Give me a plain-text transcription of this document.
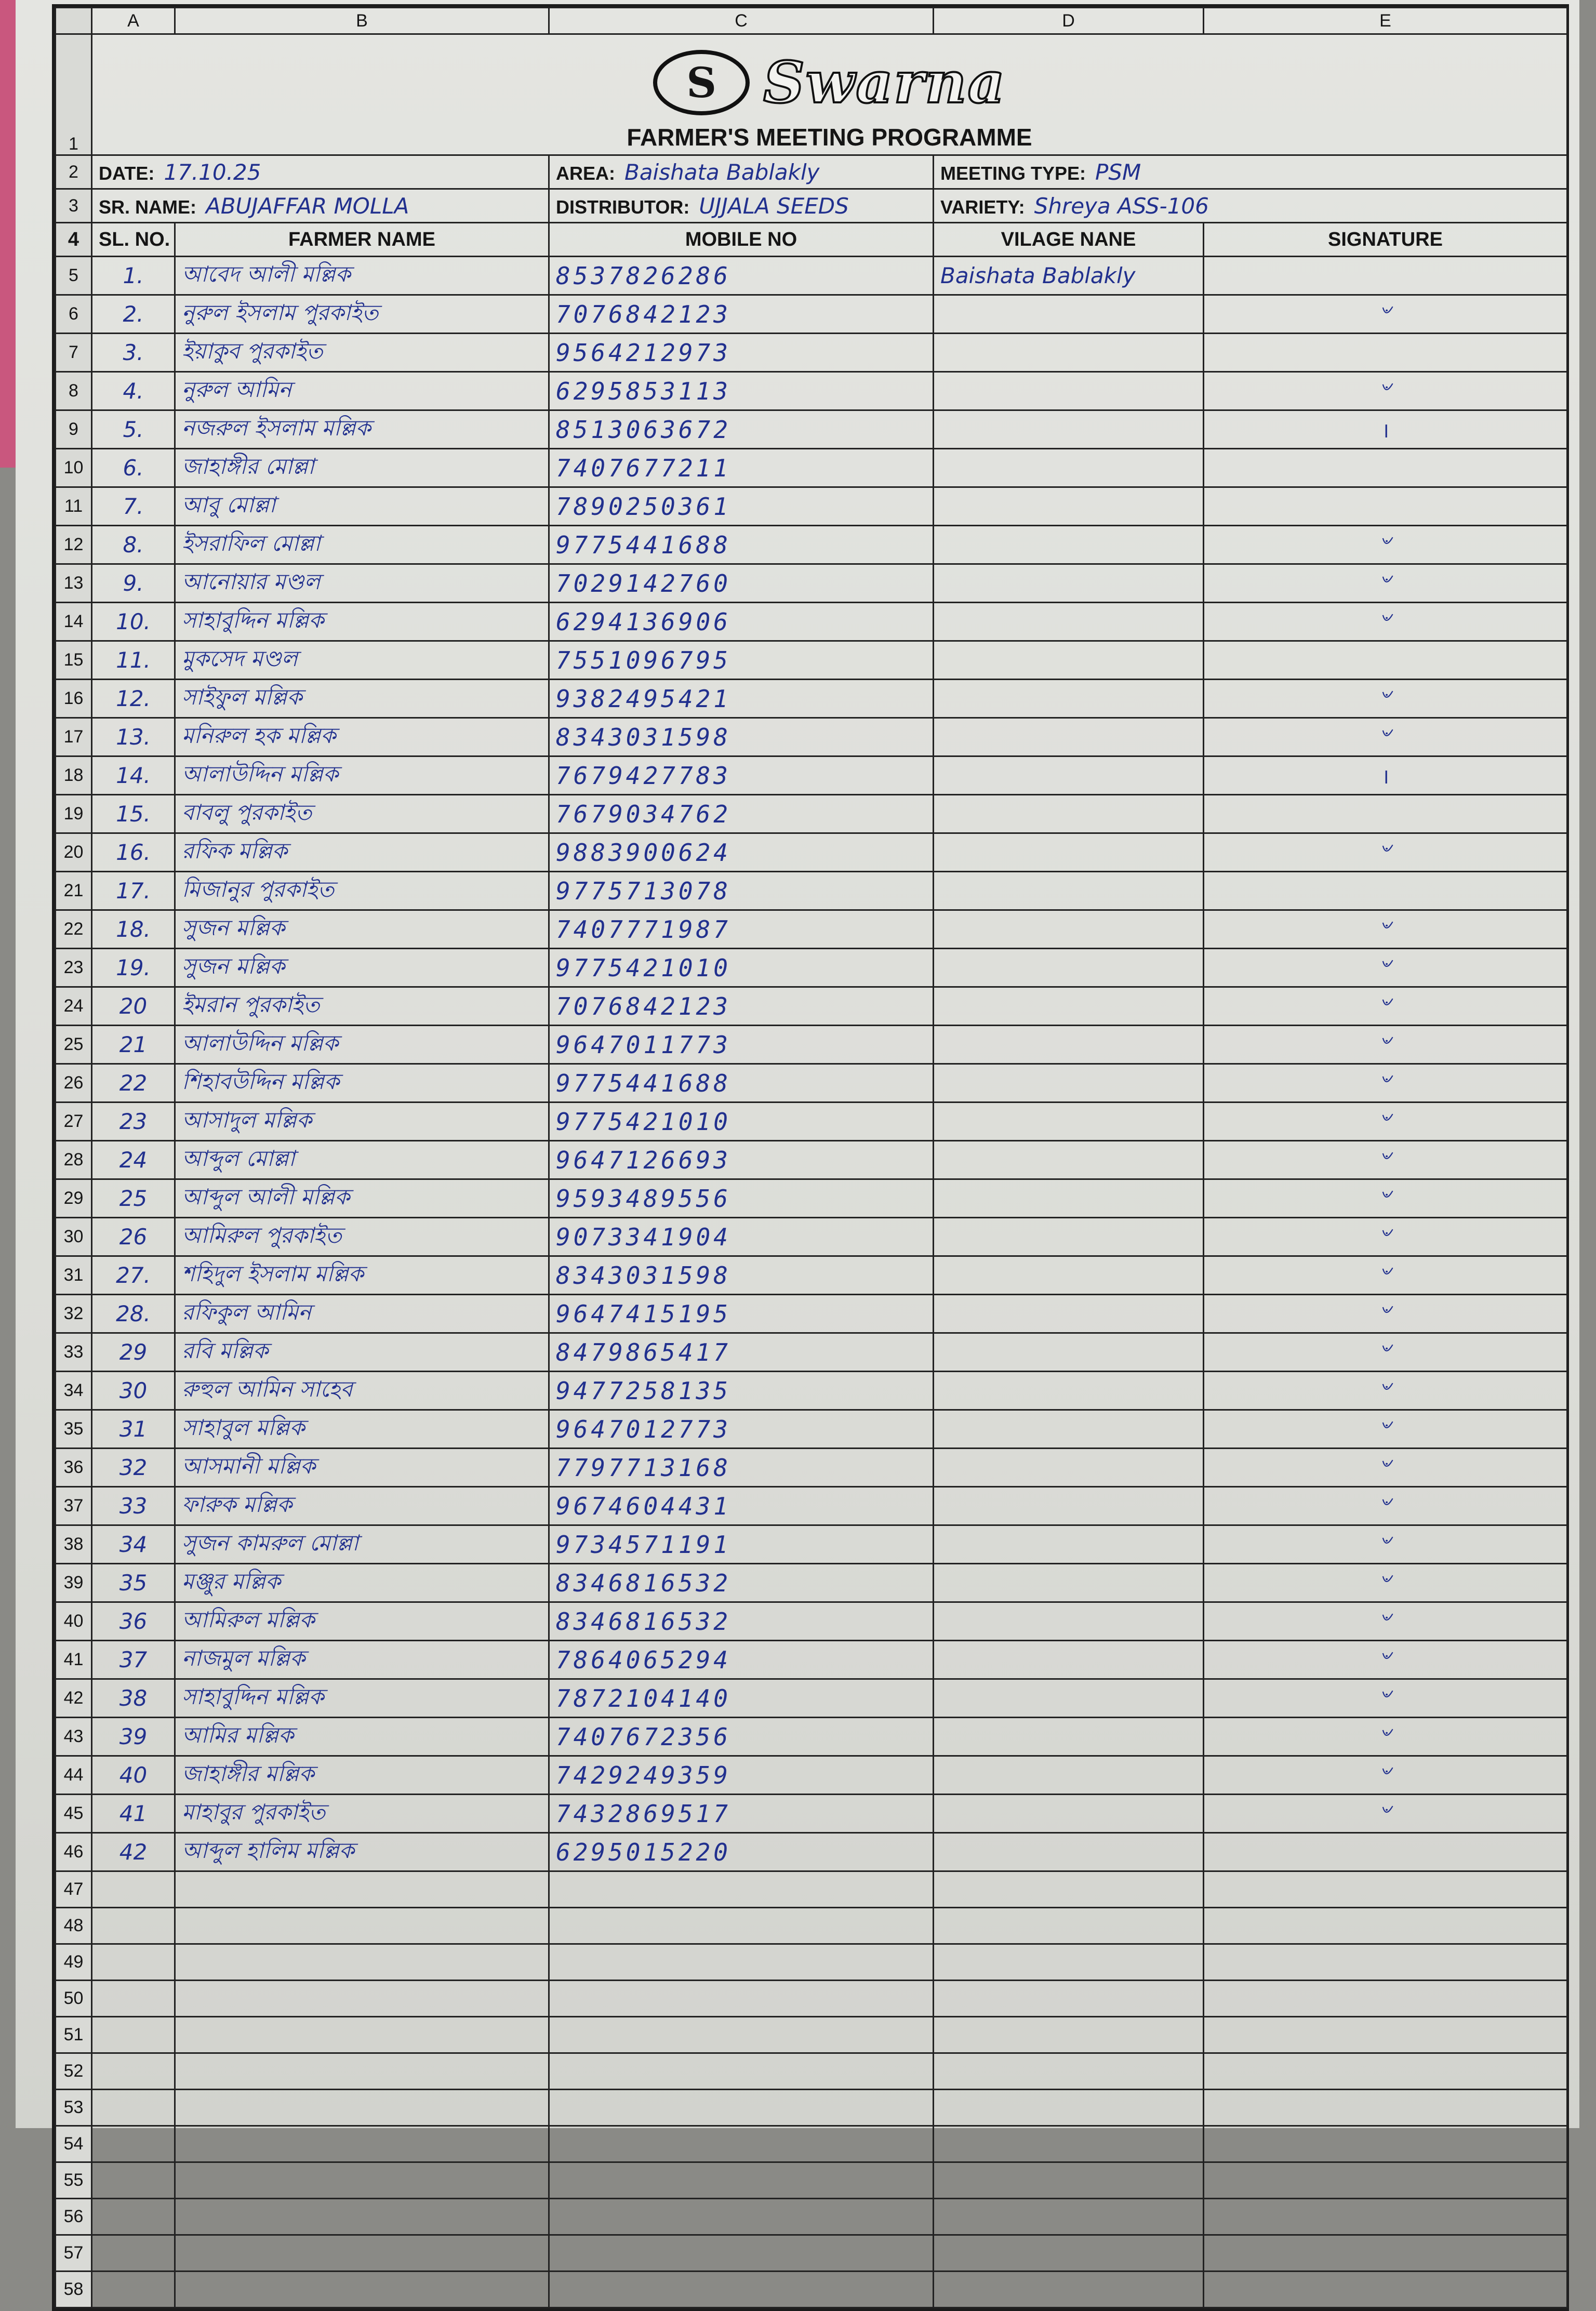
	A	B	C	D	E
1	S Swarna
FARMER'S MEETING PROGRAMME				

2	DATE: 17.10.25		AREA: Baishata Bablakly	MEETING TYPE: PSM	
3	SR. NAME: ABUJAFFAR MOLLA		DISTRIBUTOR: UJJALA SEEDS	VARIETY: Shreya ASS-106	
4	SL. NO.	FARMER NAME	MOBILE NO	VILAGE NANE	SIGNATURE
5	1.	আবেদ আলী মল্লিক	8537826286	Baishata Bablakly	
6	2.	নুরুল ইসলাম পুরকাইত	7076842123		৺
7	3.	ইয়াকুব পুরকাইত	9564212973		
8	4.	নুরুল আমিন	6295853113		৺
9	5.	নজরুল ইসলাম মল্লিক	8513063672		।
10	6.	জাহাঙ্গীর মোল্লা	7407677211		
11	7.	আবু মোল্লা	7890250361		
12	8.	ইসরাফিল মোল্লা	9775441688		৺
13	9.	আনোয়ার মণ্ডল	7029142760		৺
14	10.	সাহাবুদ্দিন মল্লিক	6294136906		৺
15	11.	মুকসেদ মণ্ডল	7551096795		
16	12.	সাইফুল মল্লিক	9382495421		৺
17	13.	মনিরুল হক মল্লিক	8343031598		৺
18	14.	আলাউদ্দিন মল্লিক	7679427783		।
19	15.	বাবলু পুরকাইত	7679034762		
20	16.	রফিক মল্লিক	9883900624		৺
21	17.	মিজানুর পুরকাইত	9775713078		
22	18.	সুজন মল্লিক	7407771987		৺
23	19.	সুজন মল্লিক	9775421010		৺
24	20	ইমরান পুরকাইত	7076842123		৺
25	21	আলাউদ্দিন মল্লিক	9647011773		৺
26	22	শিহাবউদ্দিন মল্লিক	9775441688		৺
27	23	আসাদুল মল্লিক	9775421010		৺
28	24	আব্দুল মোল্লা	9647126693		৺
29	25	আব্দুল আলী মল্লিক	9593489556		৺
30	26	আমিরুল পুরকাইত	9073341904		৺
31	27.	শহিদুল ইসলাম মল্লিক	8343031598		৺
32	28.	রফিকুল আমিন	9647415195		৺
33	29	রবি মল্লিক	8479865417		৺
34	30	রুহুল আমিন সাহেব	9477258135		৺
35	31	সাহাবুল মল্লিক	9647012773		৺
36	32	আসমানী মল্লিক	7797713168		৺
37	33	ফারুক মল্লিক	9674604431		৺
38	34	সুজন কামরুল মোল্লা	9734571191		৺
39	35	মঞ্জুর মল্লিক	8346816532		৺
40	36	আমিরুল মল্লিক	8346816532		৺
41	37	নাজমুল মল্লিক	7864065294		৺
42	38	সাহাবুদ্দিন মল্লিক	7872104140		৺
43	39	আমির মল্লিক	7407672356		৺
44	40	জাহাঙ্গীর মল্লিক	7429249359		৺
45	41	মাহাবুর পুরকাইত	7432869517		৺
46	42	আব্দুল হালিম মল্লিক	6295015220		
47					
48					
49					
50					
51					
52					
53					
54					
55					
56					
57					
58					
